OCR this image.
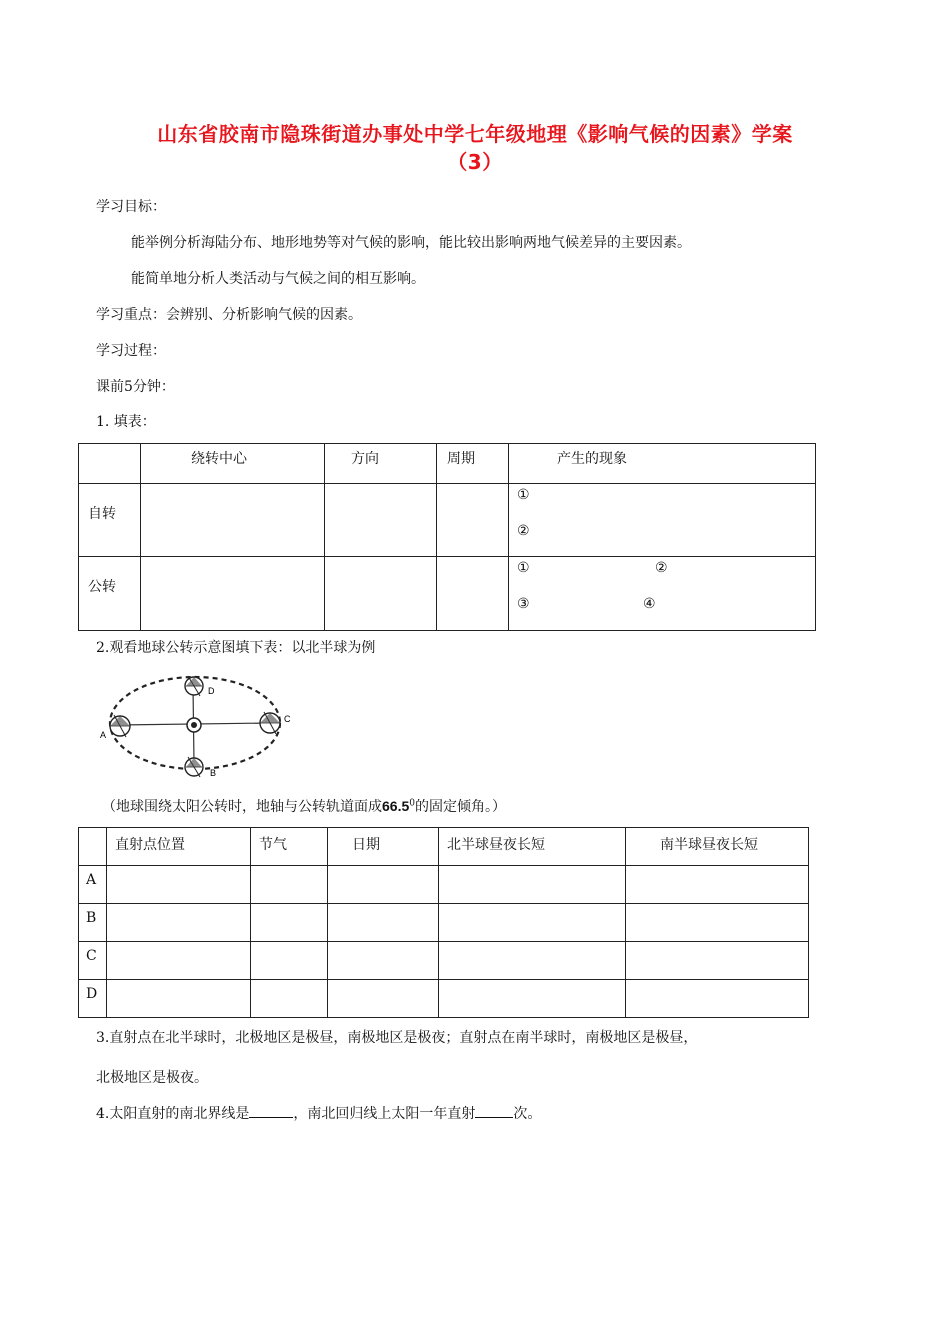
山东省胶南市隐珠街道办事处中学七年级地理《影响气候的因素》学案
（3）
学习目标：
能举例分析海陆分布、地形地势等对气候的影响，能比较出影响两地气候差异的主要因素。
能简单地分析人类活动与气候之间的相互影响。
学习重点：会辨别、分析影响气候的因素。
学习过程：
课前5分钟：
1. 填表：
	绕转中心	方向	周期	产生的现象

自转				①
②

公转				① ②
③ ④
2.观看地球公转示意图填下表：以北半球为例
A
B
C
D
（地球围绕太阳公转时，地轴与公转轨道面成66.5$^0$的固定倾角。）

	直射点位置	节气	日期	北半球昼夜长短	南半球昼夜长短

A					

B					

C					

D					

3.直射点在北半球时，北极地区是极昼，南极地区是极夜；直射点在南半球时，南极地区是极昼，
北极地区是极夜。
4.太阳直射的南北界线是	，南北回归线上太阳一年直射	次。
